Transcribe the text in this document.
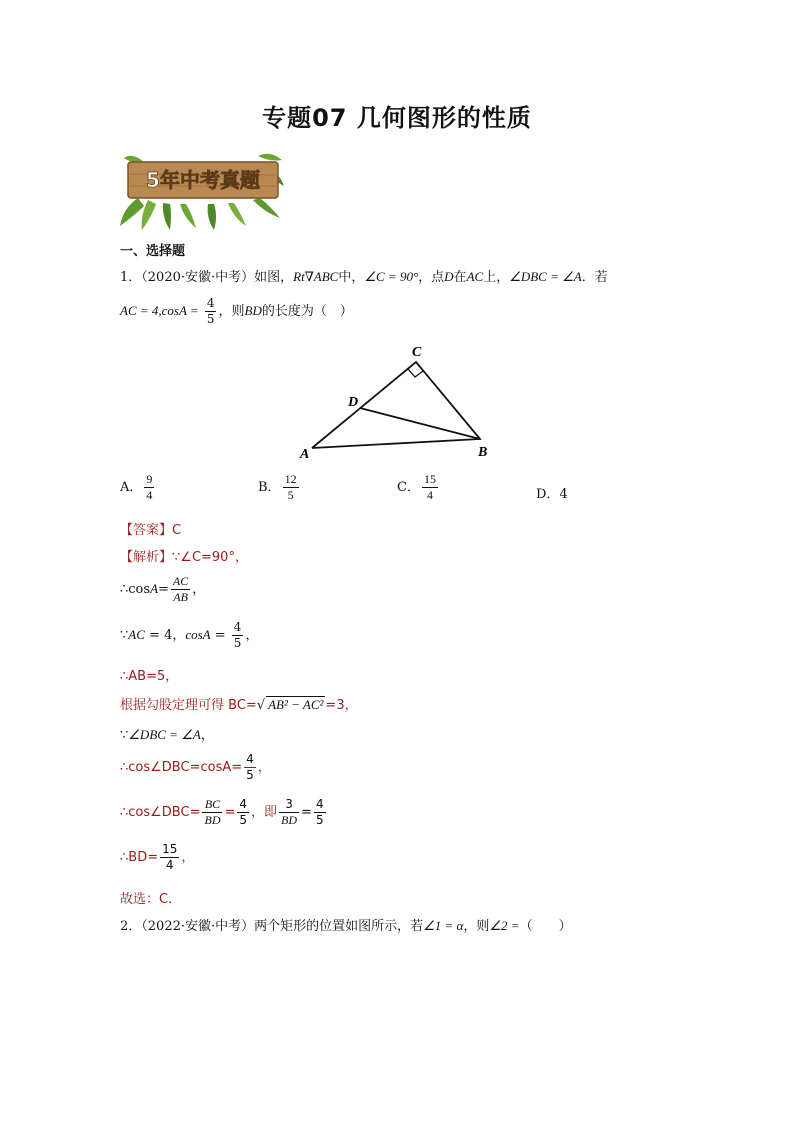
专题07 几何图形的性质
5年中考真题
一、选择题
1．（2020·安徽·中考）如图，Rt∇ABC中，∠C = 90°，点D在AC上，∠DBC = ∠A．若
AC = $4,\cos A = \frac{4}{5}$ ，则BD的长度为（　）
C
D
A	B
A． $\frac{9}{4}$	B． $\frac{12}{5}$	C． $\frac{15}{4}$	D．4
【答案】C
【解析】∵∠C=90°，
∴cosA= $\frac{AC}{AB}$ ，
∵AC = 4，$\cos A = \frac{4}{5}$ ，
∴AB=5，
根据勾股定理可得 BC=√ AB² − AC² =3，
∵∠DBC = ∠A，
∴cos∠DBC=cosA= $\frac{4}{5}$ ，
∴cos∠DBC= $\frac{BC}{BD} = \frac{4}{5}$ ，即 $\frac{3}{BD} = \frac{4}{5}$
∴BD= $\frac{15}{4}$ ，
故选：C．
2．（2022·安徽·中考）两个矩形的位置如图所示，若∠1 = α，则∠2 =（　　）
